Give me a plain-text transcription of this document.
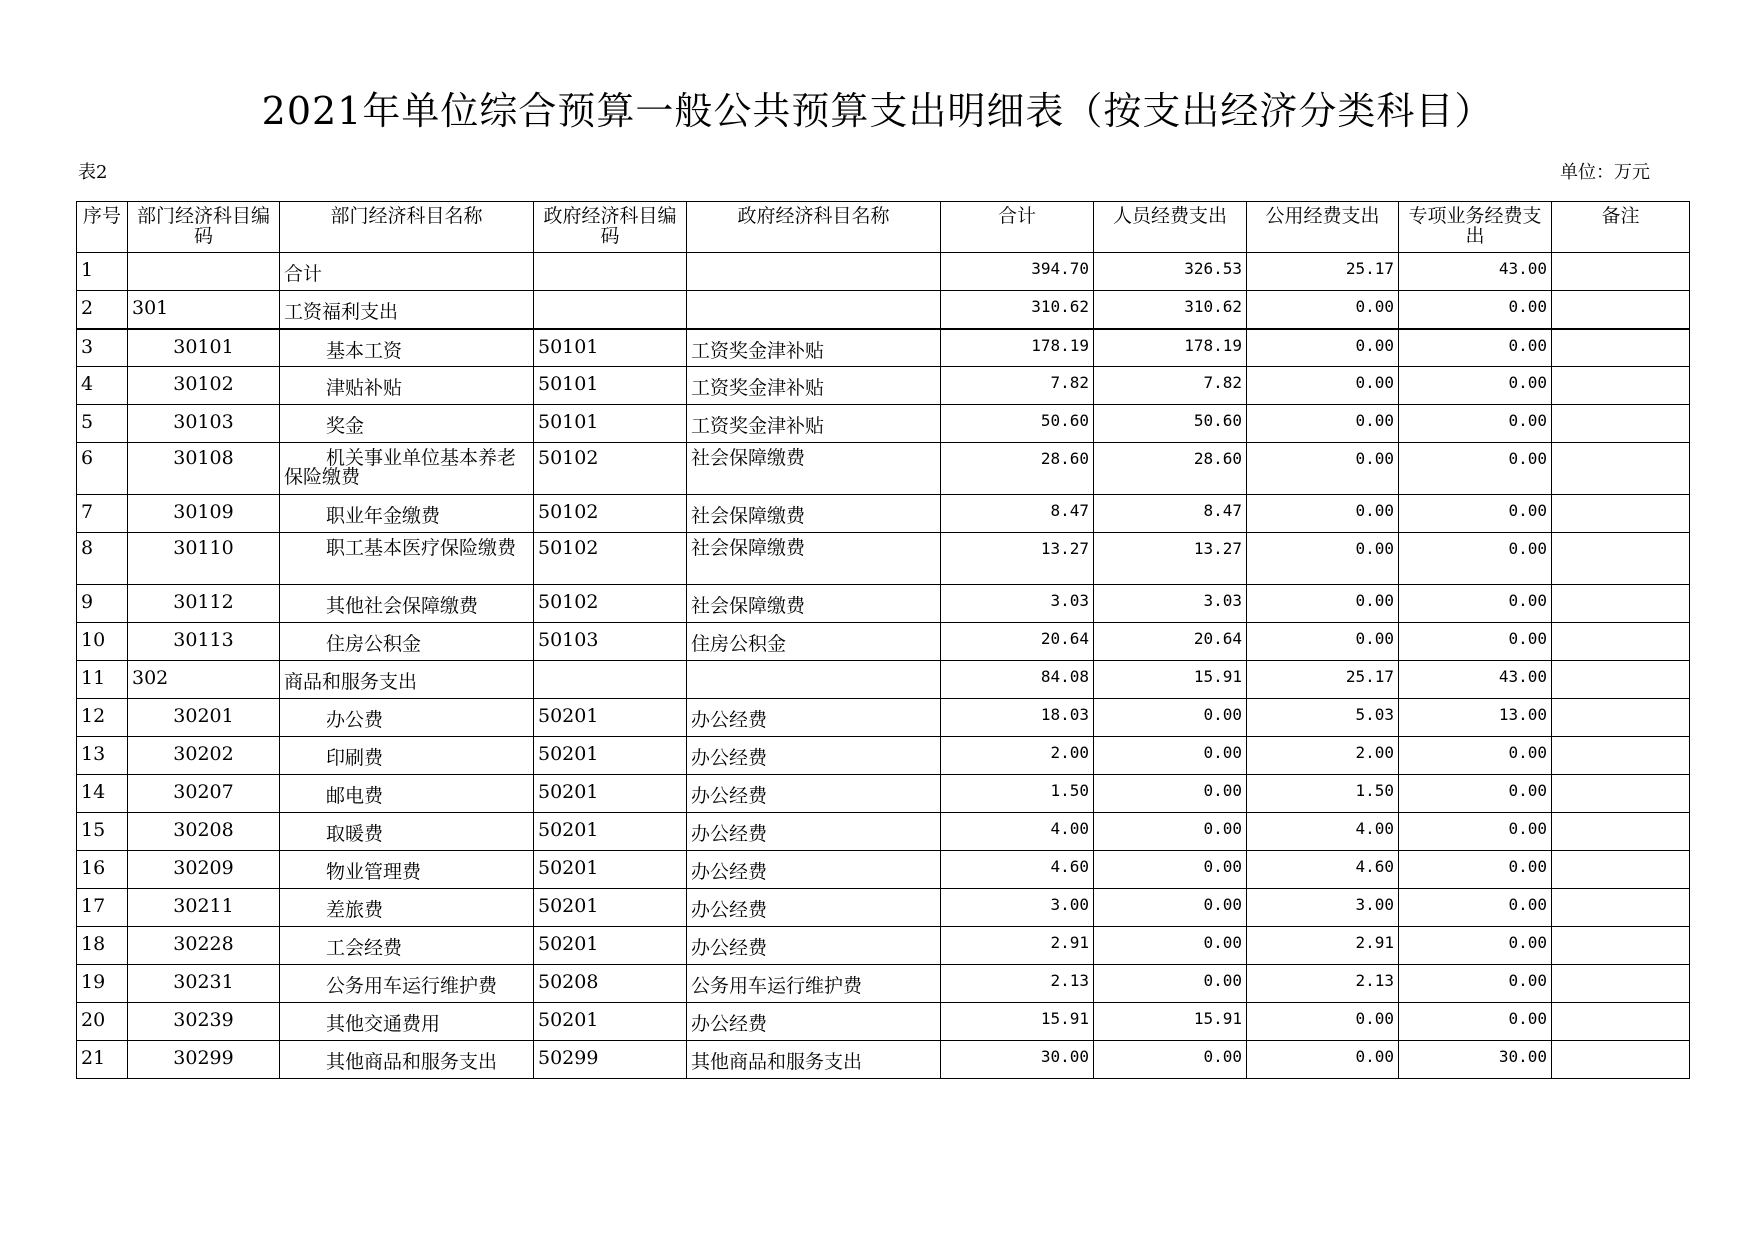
2021年单位综合预算一般公共预算支出明细表（按支出经济分类科目）
表2	单位：万元
序号	部门经济科目编码	部门经济科目名称	政府经济科目编码	政府经济科目名称	合计	人员经费支出	公用经费支出	专项业务经费支出	备注
1		合计			394.70	326.53	25.17	43.00	
2	301	工资福利支出			310.62	310.62	0.00	0.00	
3	30101	基本工资	50101	工资奖金津补贴	178.19	178.19	0.00	0.00	
4	30102	津贴补贴	50101	工资奖金津补贴	7.82	7.82	0.00	0.00	
5	30103	奖金	50101	工资奖金津补贴	50.60	50.60	0.00	0.00	
6	30108	机关事业单位基本养老保险缴费	50102	社会保障缴费	28.60	28.60	0.00	0.00	
7	30109	职业年金缴费	50102	社会保障缴费	8.47	8.47	0.00	0.00	
8	30110	职工基本医疗保险缴费	50102	社会保障缴费	13.27	13.27	0.00	0.00	
9	30112	其他社会保障缴费	50102	社会保障缴费	3.03	3.03	0.00	0.00	
10	30113	住房公积金	50103	住房公积金	20.64	20.64	0.00	0.00	
11	302	商品和服务支出			84.08	15.91	25.17	43.00	
12	30201	办公费	50201	办公经费	18.03	0.00	5.03	13.00	
13	30202	印刷费	50201	办公经费	2.00	0.00	2.00	0.00	
14	30207	邮电费	50201	办公经费	1.50	0.00	1.50	0.00	
15	30208	取暖费	50201	办公经费	4.00	0.00	4.00	0.00	
16	30209	物业管理费	50201	办公经费	4.60	0.00	4.60	0.00	
17	30211	差旅费	50201	办公经费	3.00	0.00	3.00	0.00	
18	30228	工会经费	50201	办公经费	2.91	0.00	2.91	0.00	
19	30231	公务用车运行维护费	50208	公务用车运行维护费	2.13	0.00	2.13	0.00	
20	30239	其他交通费用	50201	办公经费	15.91	15.91	0.00	0.00	
21	30299	其他商品和服务支出	50299	其他商品和服务支出	30.00	0.00	0.00	30.00	
